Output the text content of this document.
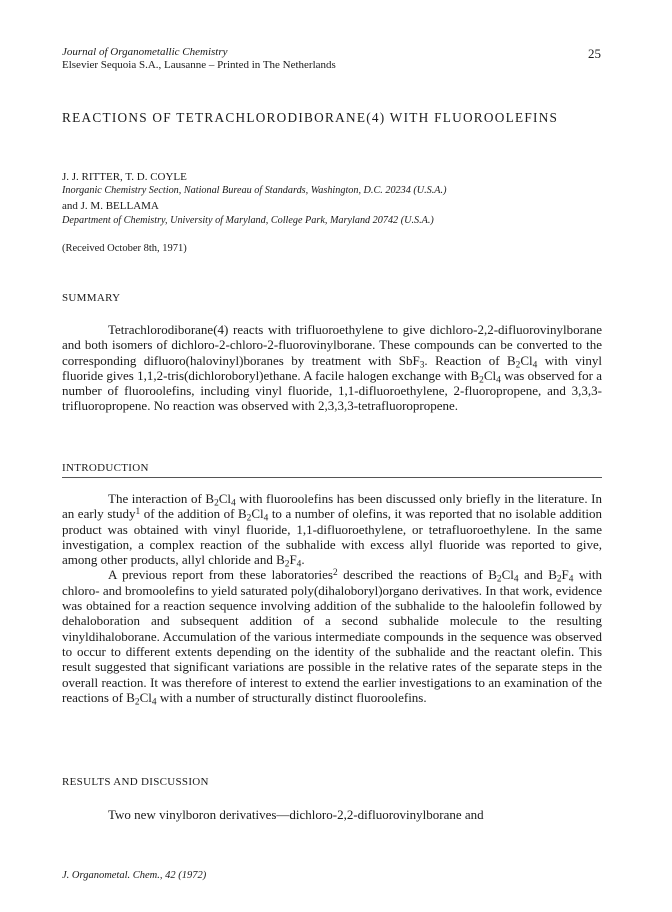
Journal of Organometallic Chemistry
Elsevier Sequoia S.A., Lausanne – Printed in The Netherlands
25
REACTIONS OF TETRACHLORODIBORANE(4) WITH FLUOROOLEFINS
J. J. RITTER, T. D. COYLE
Inorganic Chemistry Section, National Bureau of Standards, Washington, D.C. 20234 (U.S.A.)
and J. M. BELLAMA
Department of Chemistry, University of Maryland, College Park, Maryland 20742 (U.S.A.)
(Received October 8th, 1971)
SUMMARY

Tetrachlorodiborane(4) reacts with trifluoroethylene to give dichloro-2,2-difluorovinylborane and both isomers of dichloro-2-chloro-2-fluorovinylborane. These compounds can be converted to the corresponding difluoro(halovinyl)boranes by treatment with SbF$_3$. Reaction of $B_2Cl_4$ with vinyl fluoride gives 1,1,2-tris(dichloroboryl)ethane. A facile halogen exchange with $B_2Cl_4$ was observed for a number of fluoroolefins, including vinyl fluoride, 1,1-difluoroethylene, 2-fluoropropene, and 3,3,3-trifluoropropene. No reaction was observed with 2,3,3,3-tetrafluoropropene.

INTRODUCTION

The interaction of $B_2Cl_4$ with fluoroolefins has been discussed only briefly in the literature. In an early study$^1$ of the addition of $B_2Cl_4$ to a number of olefins, it was reported that no isolable addition product was obtained with vinyl fluoride, 1,1-difluoroethylene, or tetrafluoroethylene. In the same investigation, a complex reaction of the subhalide with excess allyl fluoride was reported to give, among other products, allyl chloride and $B_2F_4$.

A previous report from these laboratories$^2$ described the reactions of $B_2Cl_4$ and $B_2F_4$ with chloro- and bromoolefins to yield saturated poly(dihaloboryl)organo derivatives. In that work, evidence was obtained for a reaction sequence involving addition of the subhalide to the haloolefin followed by dehaloboration and subsequent addition of a second subhalide molecule to the resulting vinyldihaloborane. Accumulation of the various intermediate compounds in the sequence was observed to occur to different extents depending on the identity of the subhalide and the reactant olefin. This result suggested that significant variations are possible in the relative rates of the separate steps in the overall reaction. It was therefore of interest to extend the earlier investigations to an examination of the reactions of $B_2Cl_4$ with a number of structurally distinct fluoroolefins.

RESULTS AND DISCUSSION

Two new vinylboron derivatives—dichloro-2,2-difluorovinylborane and

J. Organometal. Chem., 42 (1972)
